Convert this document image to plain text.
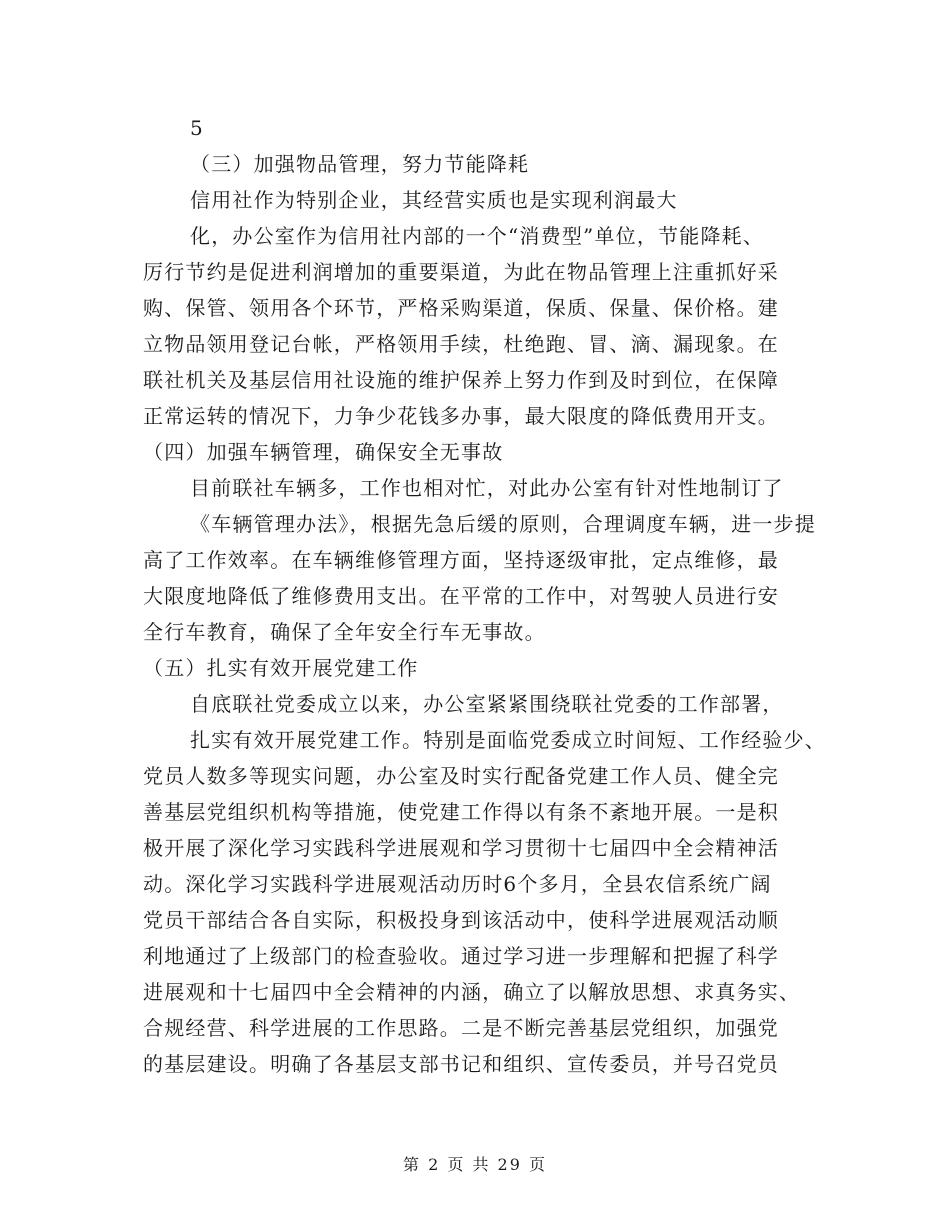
5
（三）加强物品管理，努力节能降耗
信用社作为特别企业，其经营实质也是实现利润最大
化，办公室作为信用社内部的一个“消费型”单位，节能降耗、
厉行节约是促进利润增加的重要渠道，为此在物品管理上注重抓好采
购、保管、领用各个环节，严格采购渠道，保质、保量、保价格。建
立物品领用登记台帐，严格领用手续，杜绝跑、冒、滴、漏现象。在
联社机关及基层信用社设施的维护保养上努力作到及时到位，在保障
正常运转的情况下，力争少花钱多办事，最大限度的降低费用开支。
（四）加强车辆管理，确保安全无事故
目前联社车辆多，工作也相对忙，对此办公室有针对性地制订了
《车辆管理办法》，根据先急后缓的原则，合理调度车辆，进一步提
高了工作效率。在车辆维修管理方面，坚持逐级审批，定点维修，最
大限度地降低了维修费用支出。在平常的工作中，对驾驶人员进行安
全行车教育，确保了全年安全行车无事故。
（五）扎实有效开展党建工作
自底联社党委成立以来，办公室紧紧围绕联社党委的工作部署，
扎实有效开展党建工作。特别是面临党委成立时间短、工作经验少、
党员人数多等现实问题，办公室及时实行配备党建工作人员、健全完
善基层党组织机构等措施，使党建工作得以有条不紊地开展。一是积
极开展了深化学习实践科学进展观和学习贯彻十七届四中全会精神活
动。深化学习实践科学进展观活动历时6个多月，全县农信系统广阔
党员干部结合各自实际，积极投身到该活动中，使科学进展观活动顺
利地通过了上级部门的检查验收。通过学习进一步理解和把握了科学
进展观和十七届四中全会精神的内涵，确立了以解放思想、求真务实、
合规经营、科学进展的工作思路。二是不断完善基层党组织，加强党
的基层建设。明确了各基层支部书记和组织、宣传委员，并号召党员
第 2 页 共 29 页
